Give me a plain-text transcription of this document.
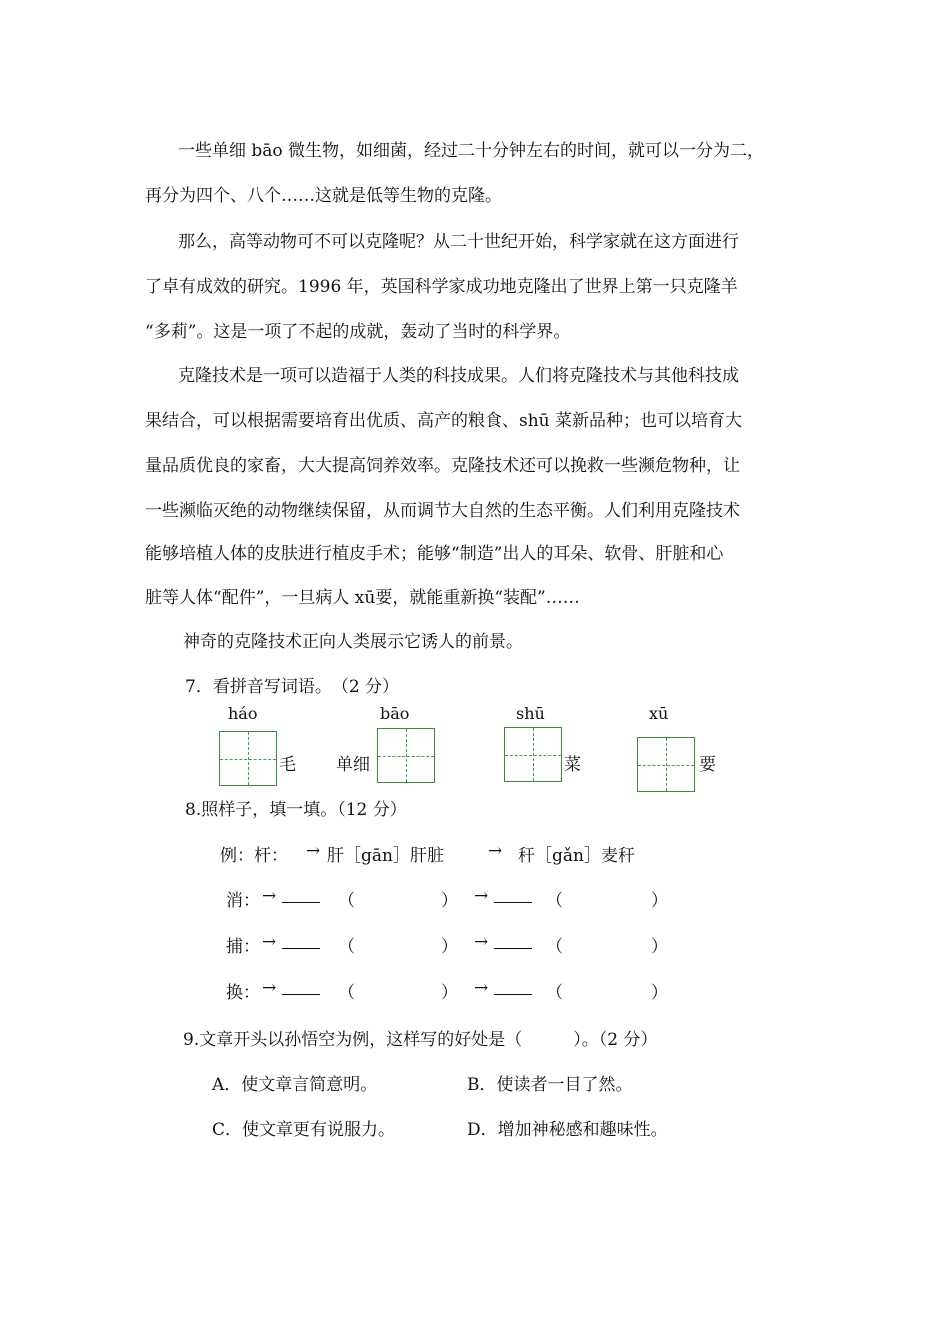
一些单细 bāo 微生物，如细菌，经过二十分钟左右的时间，就可以一分为二，
再分为四个、八个……这就是低等生物的克隆。
那么，高等动物可不可以克隆呢？从二十世纪开始，科学家就在这方面进行
了卓有成效的研究。1996 年，英国科学家成功地克隆出了世界上第一只克隆羊
“多莉”。这是一项了不起的成就，轰动了当时的科学界。
克隆技术是一项可以造福于人类的科技成果。人们将克隆技术与其他科技成
果结合，可以根据需要培育出优质、高产的粮食、shū 菜新品种；也可以培育大
量品质优良的家畜，大大提高饲养效率。克隆技术还可以挽救一些濒危物种，让
一些濒临灭绝的动物继续保留，从而调节大自然的生态平衡。人们利用克隆技术
能够培植人体的皮肤进行植皮手术；能够“制造”出人的耳朵、软骨、肝脏和心
脏等人体“配件”，一旦病人 xū要，就能重新换“装配”……
神奇的克隆技术正向人类展示它诱人的前景。
7．看拼音写词语。　（2 分）
háo
毛
bāo
单细
shū
菜
xū
要
8.照样子，填一填。（12 分）
例：杆： → 肝［gān］肝脏	→ 秆［gǎn］麦秆
消： →	（	） →	（	）
捕： →	（	） →	（	）
换： →	（	） →	（	）
9.文章开头以孙悟空为例，这样写的好处是（　　　）。（2 分）
A．使文章言简意明。	B．使读者一目了然。
C．使文章更有说服力。	D．增加神秘感和趣味性。
